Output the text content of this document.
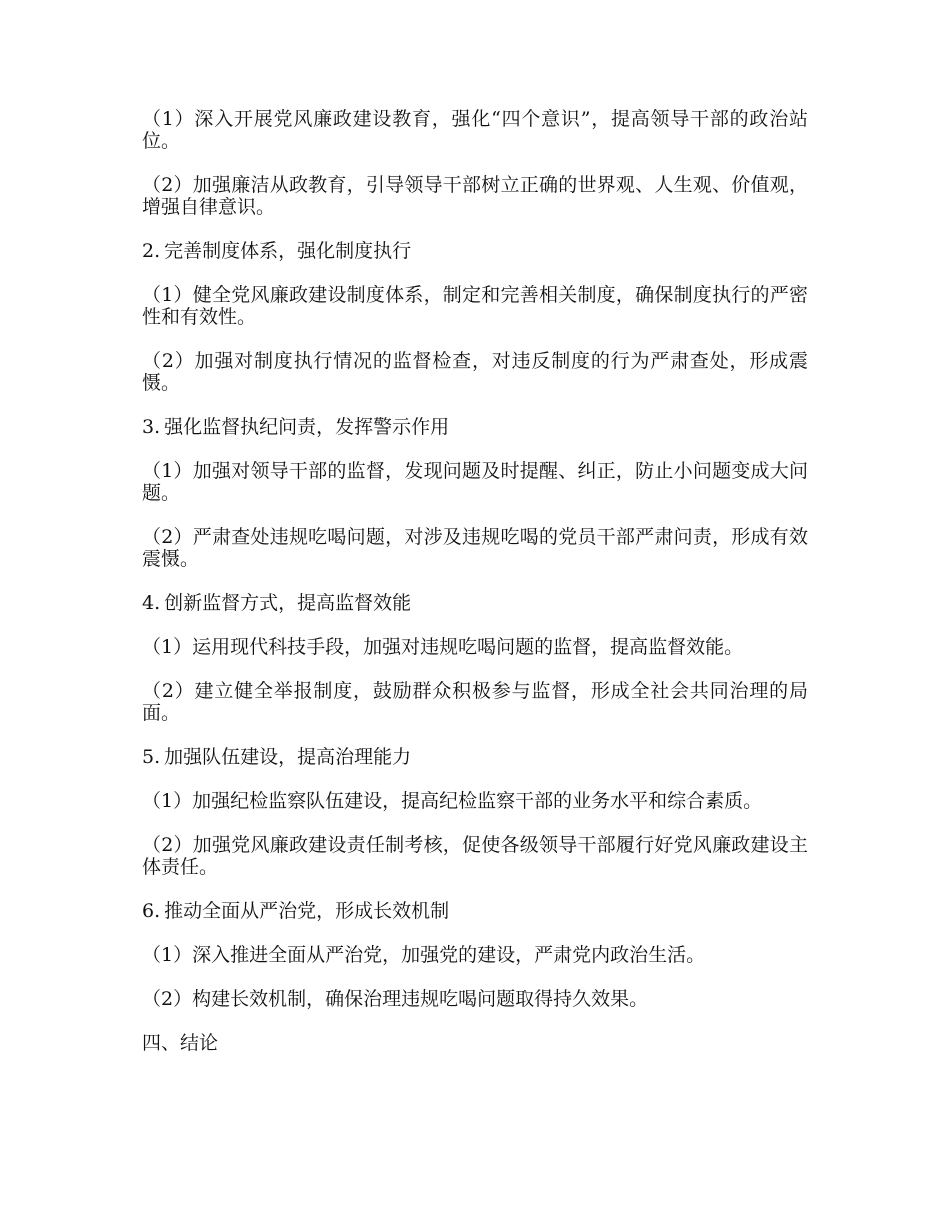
（1）深入开展党风廉政建设教育，强化“四个意识”，提高领导干部的政治站位。

（2）加强廉洁从政教育，引导领导干部树立正确的世界观、人生观、价值观，增强自律意识。

2. 完善制度体系，强化制度执行

（1）健全党风廉政建设制度体系，制定和完善相关制度，确保制度执行的严密性和有效性。

（2）加强对制度执行情况的监督检查，对违反制度的行为严肃查处，形成震慑。

3. 强化监督执纪问责，发挥警示作用

（1）加强对领导干部的监督，发现问题及时提醒、纠正，防止小问题变成大问题。

（2）严肃查处违规吃喝问题，对涉及违规吃喝的党员干部严肃问责，形成有效震慑。

4. 创新监督方式，提高监督效能

（1）运用现代科技手段，加强对违规吃喝问题的监督，提高监督效能。

（2）建立健全举报制度，鼓励群众积极参与监督，形成全社会共同治理的局面。

5. 加强队伍建设，提高治理能力

（1）加强纪检监察队伍建设，提高纪检监察干部的业务水平和综合素质。

（2）加强党风廉政建设责任制考核，促使各级领导干部履行好党风廉政建设主体责任。

6. 推动全面从严治党，形成长效机制

（1）深入推进全面从严治党，加强党的建设，严肃党内政治生活。

（2）构建长效机制，确保治理违规吃喝问题取得持久效果。

四、结论
